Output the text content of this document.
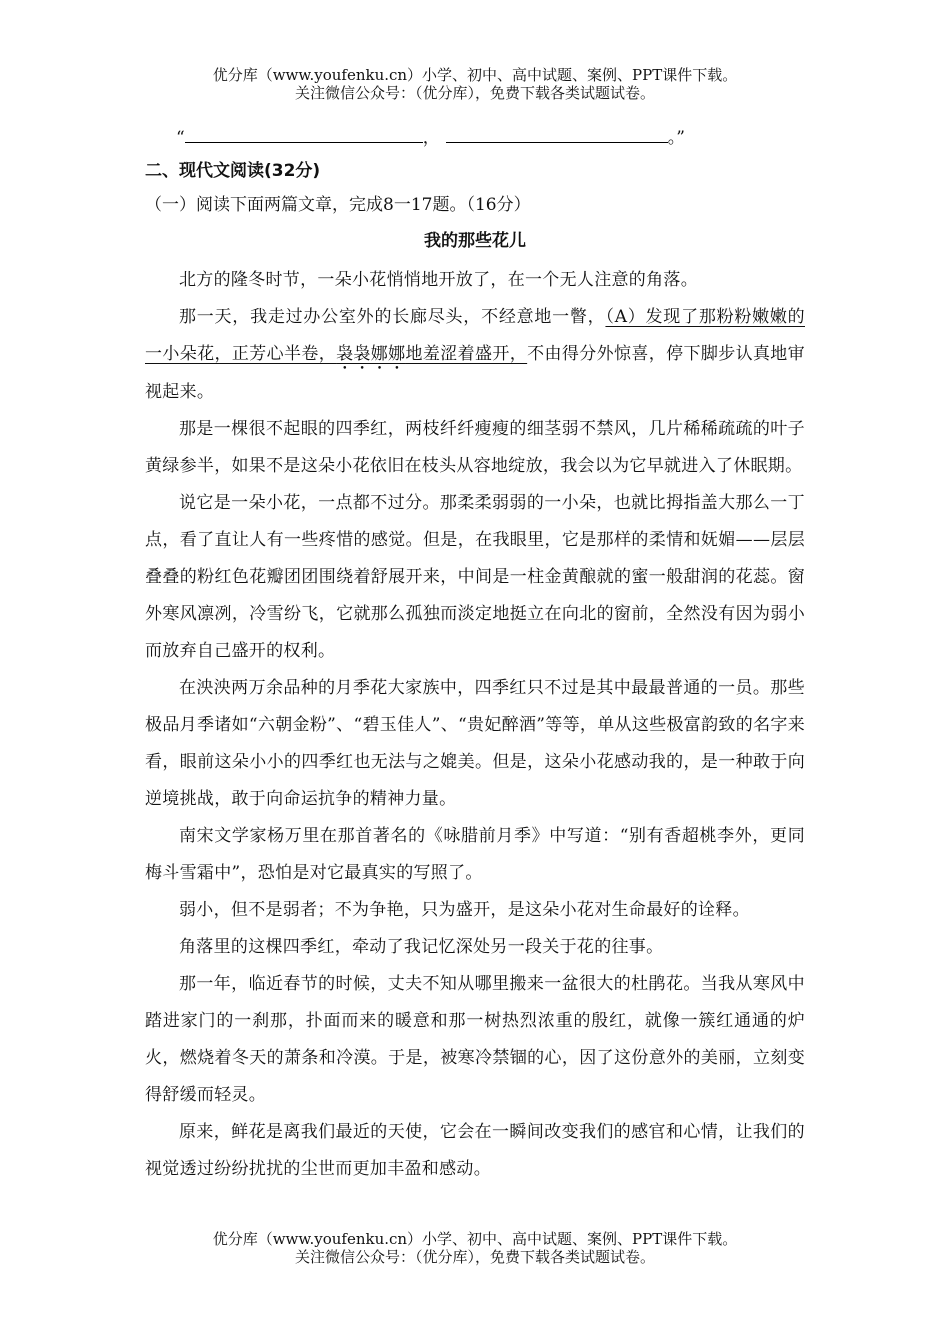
优分库（www.youfenku.cn）小学、初中、高中试题、案例、PPT课件下载。
关注微信公众号：（优分库），免费下载各类试题试卷。
“	，	。”
二、现代文阅读(32分)
（一）阅读下面两篇文章，完成8一17题。（16分）
我的那些花儿

北方的隆冬时节，一朵小花悄悄地开放了，在一个无人注意的角落。

那一天，我走过办公室外的长廊尽头，不经意地一瞥，（A）发现了那粉粉嫩嫩的一小朵花，正芳心半卷，袅袅娜娜地羞涩着盛开，不由得分外惊喜，停下脚步认真地审视起来。

那是一棵很不起眼的四季红，两枝纤纤瘦瘦的细茎弱不禁风，几片稀稀疏疏的叶子黄绿参半，如果不是这朵小花依旧在枝头从容地绽放，我会以为它早就进入了休眠期。

说它是一朵小花，一点都不过分。那柔柔弱弱的一小朵，也就比拇指盖大那么一丁点，看了直让人有一些疼惜的感觉。但是，在我眼里，它是那样的柔情和妩媚——层层叠叠的粉红色花瓣团团围绕着舒展开来，中间是一柱金黄酿就的蜜一般甜润的花蕊。窗外寒风凛冽，冷雪纷飞，它就那么孤独而淡定地挺立在向北的窗前，全然没有因为弱小而放弃自己盛开的权利。

在泱泱两万余品种的月季花大家族中，四季红只不过是其中最最普通的一员。那些极品月季诸如“六朝金粉”、“碧玉佳人”、“贵妃醉酒”等等，单从这些极富韵致的名字来看，眼前这朵小小的四季红也无法与之媲美。但是，这朵小花感动我的，是一种敢于向逆境挑战，敢于向命运抗争的精神力量。

南宋文学家杨万里在那首著名的《咏腊前月季》中写道：“别有香超桃李外，更同梅斗雪霜中”，恐怕是对它最真实的写照了。

弱小，但不是弱者；不为争艳，只为盛开，是这朵小花对生命最好的诠释。

角落里的这棵四季红，牵动了我记忆深处另一段关于花的往事。

那一年，临近春节的时候，丈夫不知从哪里搬来一盆很大的杜鹃花。当我从寒风中踏进家门的一刹那，扑面而来的暖意和那一树热烈浓重的殷红，就像一簇红通通的炉火，燃烧着冬天的萧条和冷漠。于是，被寒冷禁锢的心，因了这份意外的美丽，立刻变得舒缓而轻灵。

原来，鲜花是离我们最近的天使，它会在一瞬间改变我们的感官和心情，让我们的视觉透过纷纷扰扰的尘世而更加丰盈和感动。

优分库（www.youfenku.cn）小学、初中、高中试题、案例、PPT课件下载。
关注微信公众号：（优分库），免费下载各类试题试卷。
